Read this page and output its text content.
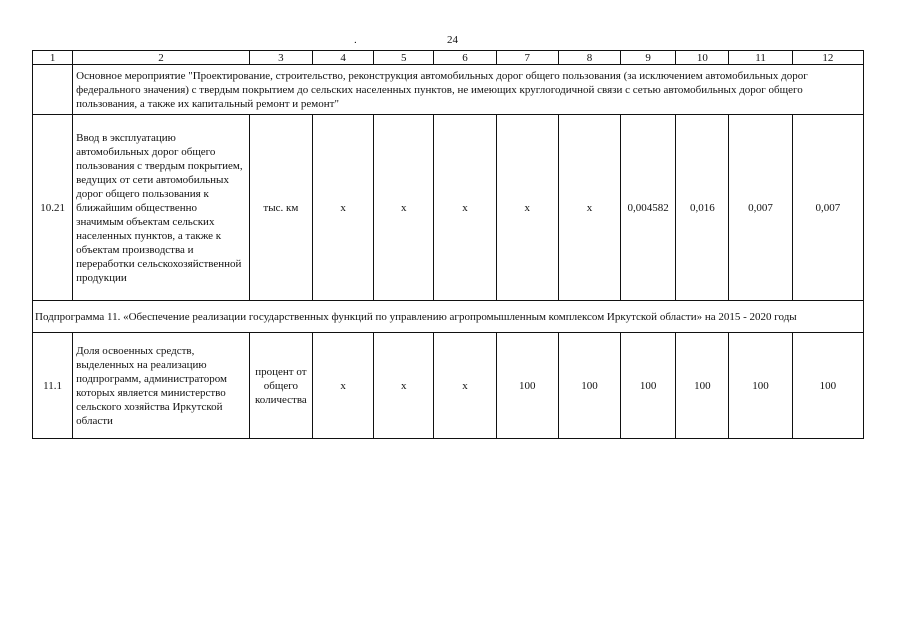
24
.
1	2	3	4	5	6	7	8	9	10	11	12
	Основное мероприятие "Проектирование, строительство, реконструкция автомобильных дорог общего пользования (за исключением автомобильных дорог федерального значения) с твердым покрытием до сельских населенных пунктов, не имеющих круглогодичной связи с сетью автомобильных дорог общего пользования, а также их капитальный ремонт и ремонт"										
10.21	Ввод в эксплуатацию автомобильных дорог общего пользования с твердым покрытием, ведущих от сети автомобильных дорог общего пользования к ближайшим общественно значимым объектам сельских населенных пунктов, а также к объектам производства и переработки сельскохозяйственной продукции	тыс. км	х	х	х	х	х	0,004582	0,016	0,007	0,007
Подпрограмма 11. «Обеспечение реализации государственных функций по управлению агропромышленным комплексом Иркутской области» на 2015 - 2020 годы											
11.1	Доля освоенных средств, выделенных на реализацию подпрограмм, администратором которых является министерство сельского хозяйства Иркутской области	процент от общего количества	х	х	х	100	100	100	100	100	100
